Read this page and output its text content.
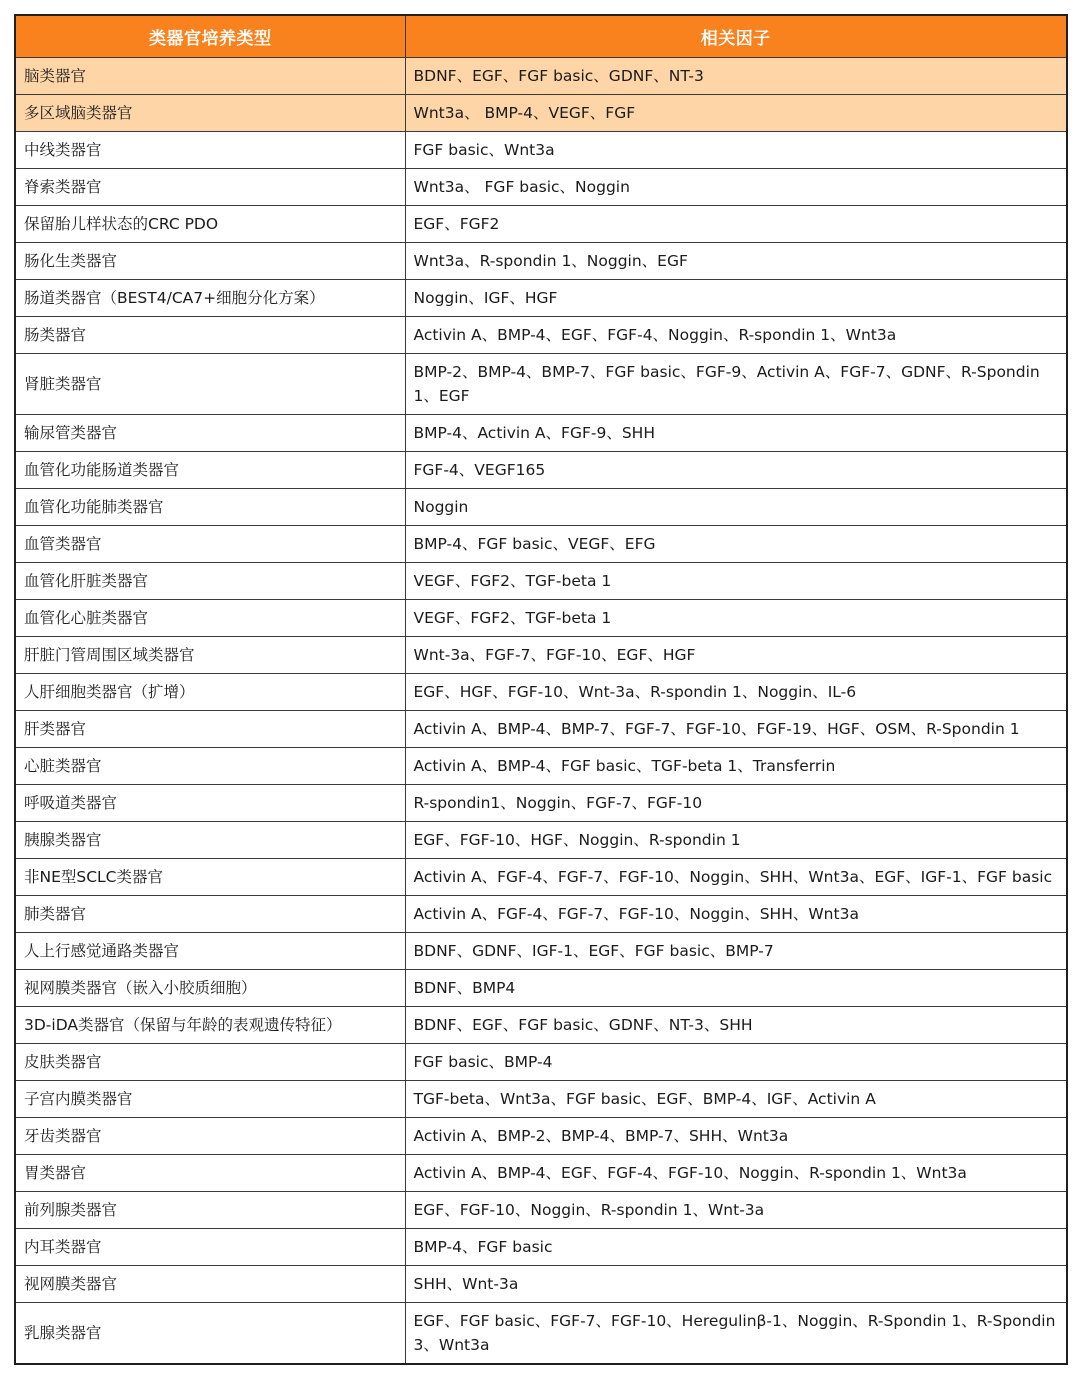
类器官培养类型	相关因子
脑类器官	BDNF、EGF、FGF basic、GDNF、NT-3
多区域脑类器官	Wnt3a、 BMP-4、VEGF、FGF
中线类器官	FGF basic、Wnt3a
脊索类器官	Wnt3a、 FGF basic、Noggin
保留胎儿样状态的CRC PDO	EGF、FGF2
肠化生类器官	Wnt3a、R-spondin 1、Noggin、EGF
肠道类器官（BEST4/CA7+细胞分化方案）	Noggin、IGF、HGF
肠类器官	Activin A、BMP-4、EGF、FGF-4、Noggin、R-spondin 1、Wnt3a
肾脏类器官	BMP-2、BMP-4、BMP-7、FGF basic、FGF-9、Activin A、FGF-7、GDNF、R-Spondin 1、EGF
输尿管类器官	BMP-4、Activin A、FGF-9、SHH
血管化功能肠道类器官	FGF-4、VEGF165
血管化功能肺类器官	Noggin
血管类器官	BMP-4、FGF basic、VEGF、EFG
血管化肝脏类器官	VEGF、FGF2、TGF-beta 1
血管化心脏类器官	VEGF、FGF2、TGF-beta 1
肝脏门管周围区域类器官	Wnt-3a、FGF-7、FGF-10、EGF、HGF
人肝细胞类器官（扩增）	EGF、HGF、FGF-10、Wnt-3a、R-spondin 1、Noggin、IL-6
肝类器官	Activin A、BMP-4、BMP-7、FGF-7、FGF-10、FGF-19、HGF、OSM、R-Spondin 1
心脏类器官	Activin A、BMP-4、FGF basic、TGF-beta 1、Transferrin
呼吸道类器官	R-spondin1、Noggin、FGF-7、FGF-10
胰腺类器官	EGF、FGF-10、HGF、Noggin、R-spondin 1
非NE型SCLC类器官	Activin A、FGF-4、FGF-7、FGF-10、Noggin、SHH、Wnt3a、EGF、IGF-1、FGF basic
肺类器官	Activin A、FGF-4、FGF-7、FGF-10、Noggin、SHH、Wnt3a
人上行感觉通路类器官	BDNF、GDNF、IGF-1、EGF、FGF basic、BMP-7
视网膜类器官（嵌入小胶质细胞）	BDNF、BMP4
3D-iDA类器官（保留与年龄的表观遗传特征）	BDNF、EGF、FGF basic、GDNF、NT-3、SHH
皮肤类器官	FGF basic、BMP-4
子宫内膜类器官	TGF-beta、Wnt3a、FGF basic、EGF、BMP-4、IGF、Activin A
牙齿类器官	Activin A、BMP-2、BMP-4、BMP-7、SHH、Wnt3a
胃类器官	Activin A、BMP-4、EGF、FGF-4、FGF-10、Noggin、R-spondin 1、Wnt3a
前列腺类器官	EGF、FGF-10、Noggin、R-spondin 1、Wnt-3a
内耳类器官	BMP-4、FGF basic
视网膜类器官	SHH、Wnt-3a
乳腺类器官	EGF、FGF basic、FGF-7、FGF-10、Heregulinβ-1、Noggin、R-Spondin 1、R-Spondin 3、Wnt3a
